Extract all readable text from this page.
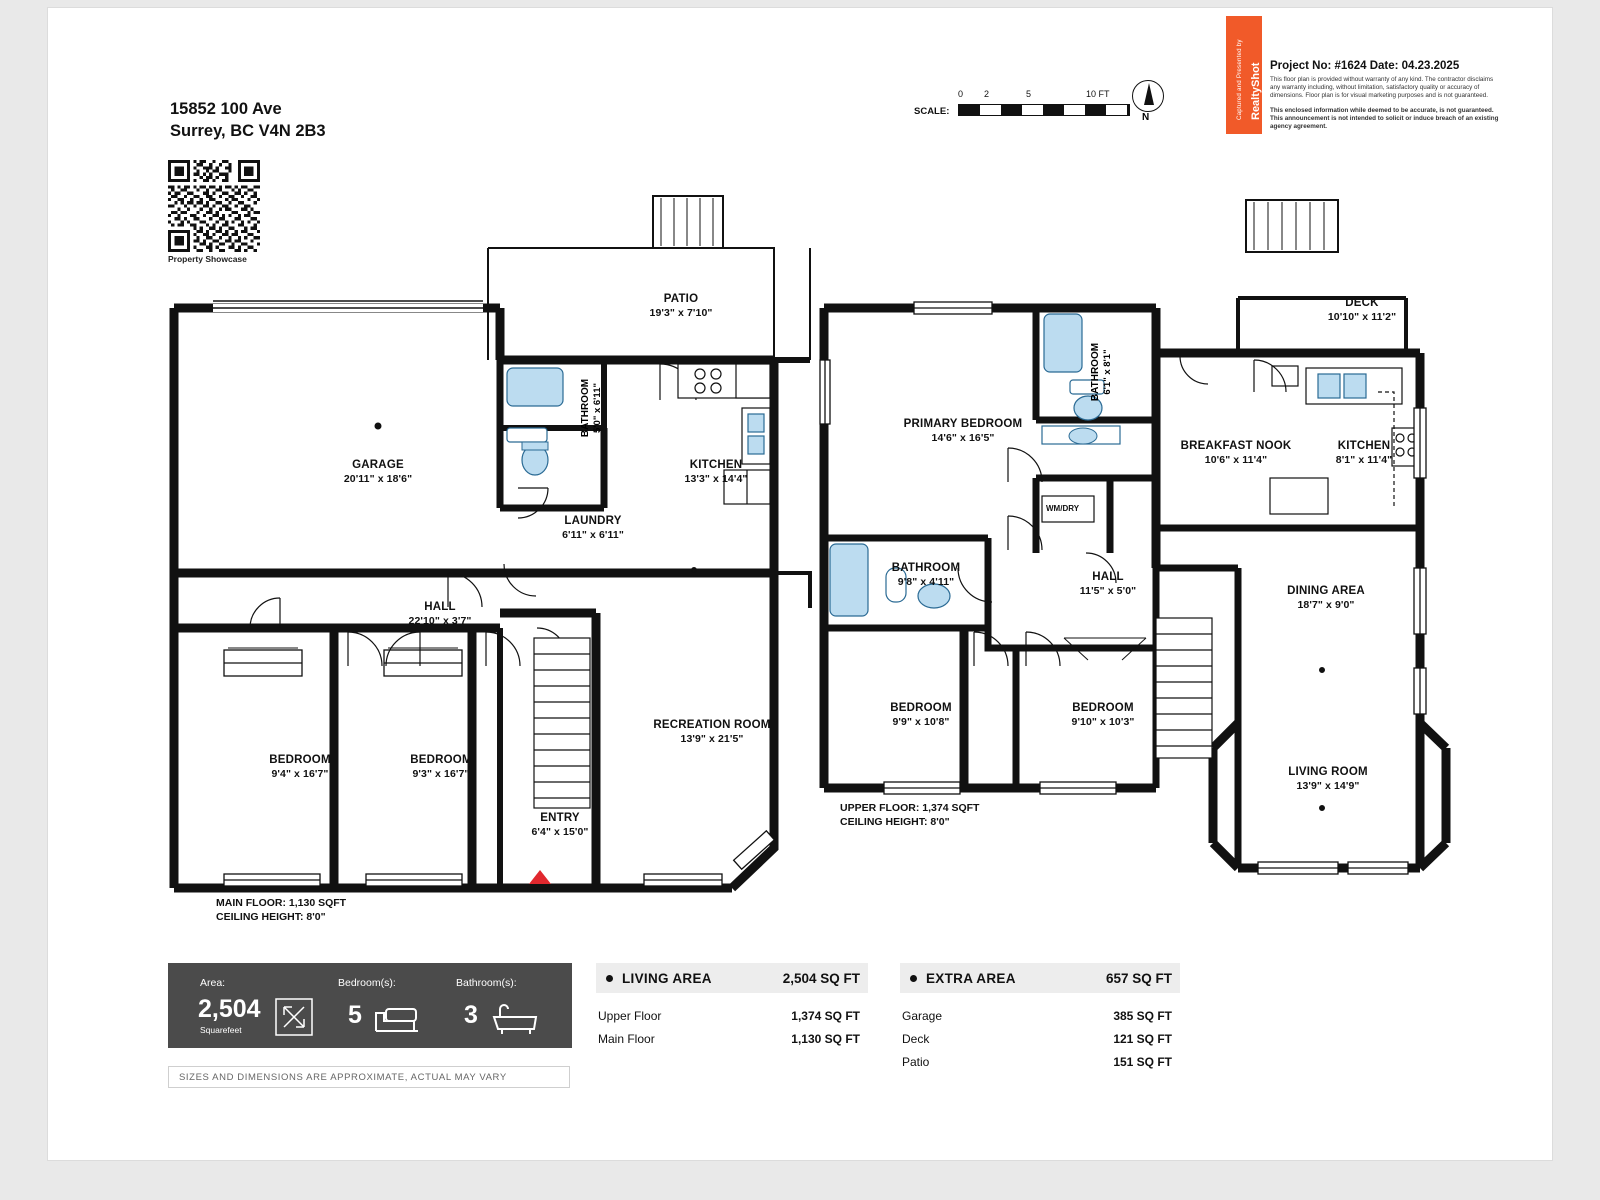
15852 100 Ave
Surrey, BC V4N 2B3
Property Showcase
SCALE:
0 2	5	10 FT
N	Captured and Presented by RealtyShot Project No: #1624 Date: 04.23.2025
This floor plan is provided without warranty of any kind. The contractor disclaims any warranty including, without limitation, satisfactory quality or accuracy of dimensions. Floor plan is for visual marketing purposes and is not guaranteed.
This enclosed information while deemed to be accurate, is not guaranteed. This announcement is not intended to solicit or induce breach of an existing agency agreement.
PATIO
19'3" x 7'10"
GARAGE
20'11" x 18'6"
KITCHEN
13'3" x 14'4"
LAUNDRY
6'11" x 6'11"
HALL
22'10" x 3'7"
RECREATION ROOM
13'9" x 21'5"
BEDROOM
9'4" x 16'7"
BEDROOM
9'3" x 16'7"
ENTRY
6'4" x 15'0"
BATHROOM 5'0" x 6'11"
DECK
10'10" x 11'2"
PRIMARY BEDROOM
14'6" x 16'5"
BREAKFAST NOOK
10'6" x 11'4"
KITCHEN
8'1" x 11'4"
BATHROOM
9'8" x 4'11"	HALL
11'5" x 5'0"	DINING AREA
18'7" x 9'0"
BEDROOM
9'9" x 10'8"
BEDROOM
9'10" x 10'3"
LIVING ROOM
13'9" x 14'9"
BATHROOM 6'1" x 8'1"
WM/DRY
ENTRY
MAIN FLOOR: 1,130 SQFT
CEILING HEIGHT: 8'0"
UPPER FLOOR: 1,374 SQFT
CEILING HEIGHT: 8'0"
Area:
2,504
Squarefeet
Bedroom(s):
5
Bathroom(s):
3
SIZES AND DIMENSIONS ARE APPROXIMATE, ACTUAL MAY VARY
LIVING AREA	2,504 SQ FT
Upper Floor	1,374 SQ FT
Main Floor	1,130 SQ FT
EXTRA AREA	657 SQ FT
Garage	385 SQ FT
Deck	121 SQ FT
Patio	151 SQ FT
